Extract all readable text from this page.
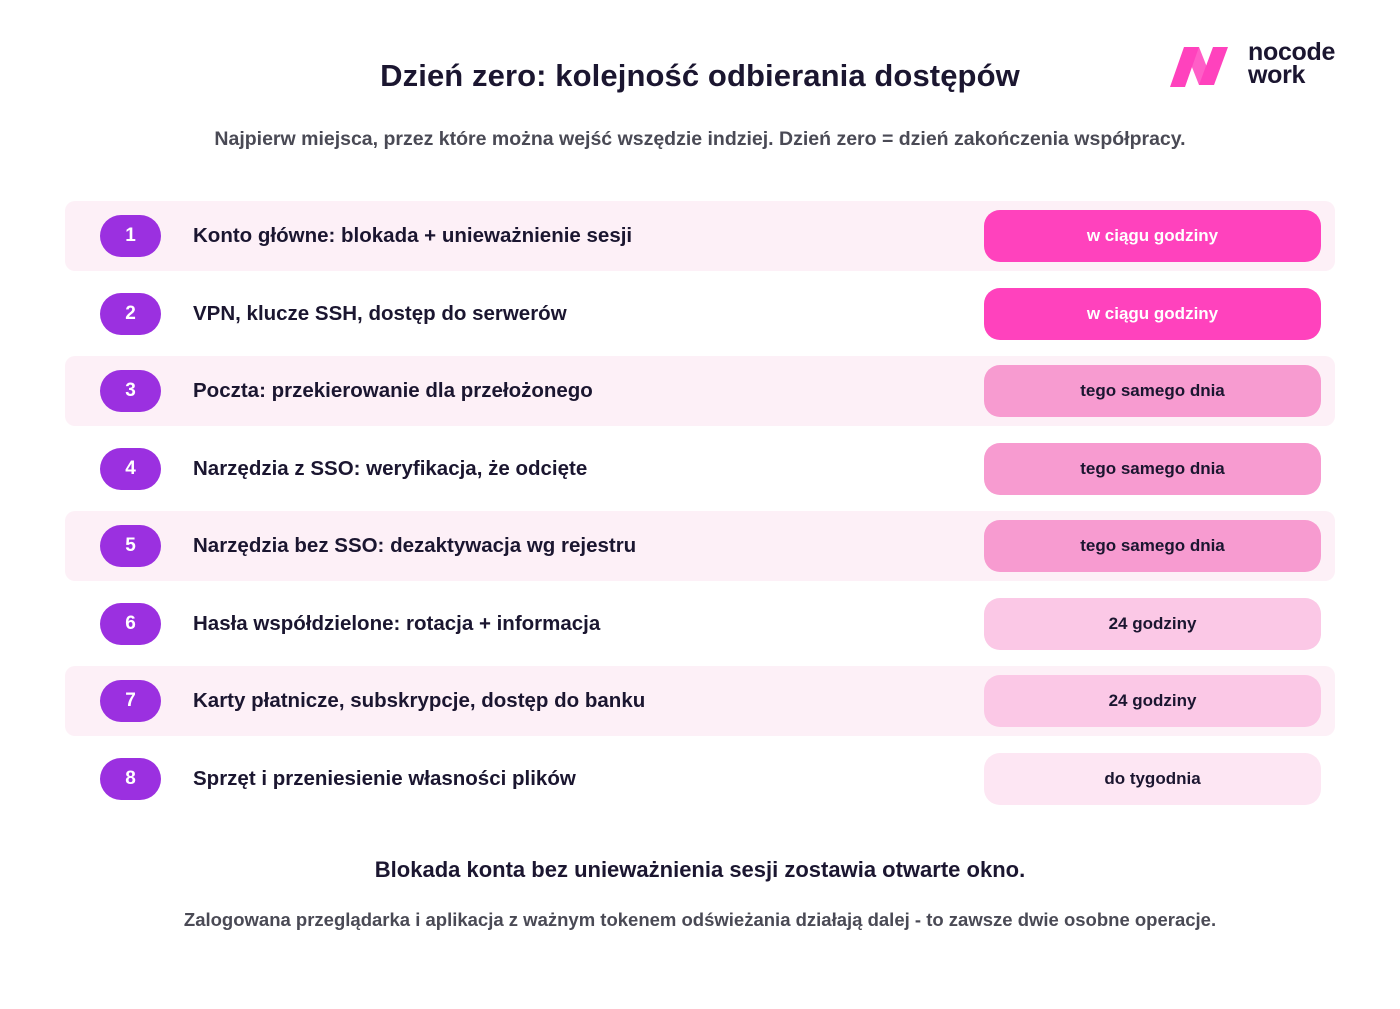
Dzień zero: kolejność odbierania dostępów
nocode
work
Najpierw miejsca, przez które można wejść wszędzie indziej. Dzień zero = dzień zakończenia współpracy.
1	Konto główne: blokada + unieważnienie sesji	w ciągu godziny
2	VPN, klucze SSH, dostęp do serwerów	w ciągu godziny
3	Poczta: przekierowanie dla przełożonego	tego samego dnia
4	Narzędzia z SSO: weryfikacja, że odcięte	tego samego dnia
5	Narzędzia bez SSO: dezaktywacja wg rejestru	tego samego dnia
6	Hasła współdzielone: rotacja + informacja	24 godziny
7	Karty płatnicze, subskrypcje, dostęp do banku	24 godziny
8	Sprzęt i przeniesienie własności plików	do tygodnia
Blokada konta bez unieważnienia sesji zostawia otwarte okno.
Zalogowana przeglądarka i aplikacja z ważnym tokenem odświeżania działają dalej - to zawsze dwie osobne operacje.
